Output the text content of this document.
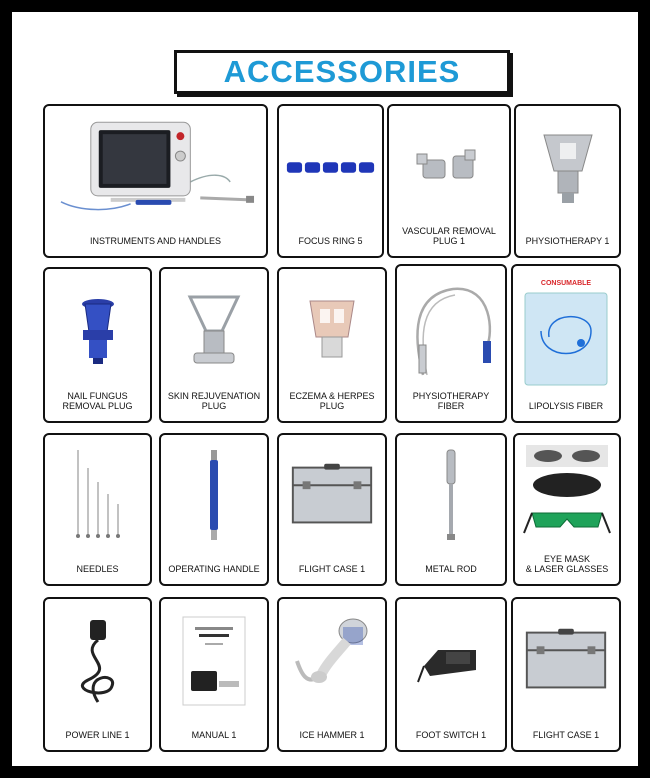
ACCESSORIES
INSTRUMENTS AND HANDLES	FOCUS RING 5
VASCULAR REMOVAL PLUG 1	PHYSIOTHERAPY 1
NAIL FUNGUS
REMOVAL PLUG
SKIN REJUVENATION
PLUG
ECZEMA & HERPES
PLUG
PHYSIOTHERAPY FIBER
CONSUMABLE
LIPOLYSIS FIBER
NEEDLES	OPERATING HANDLE	FLIGHT CASE 1	METAL ROD
EYE MASK
& LASER GLASSES
POWER LINE 1	MANUAL 1	ICE HAMMER 1	FOOT SWITCH 1	FLIGHT CASE 1
